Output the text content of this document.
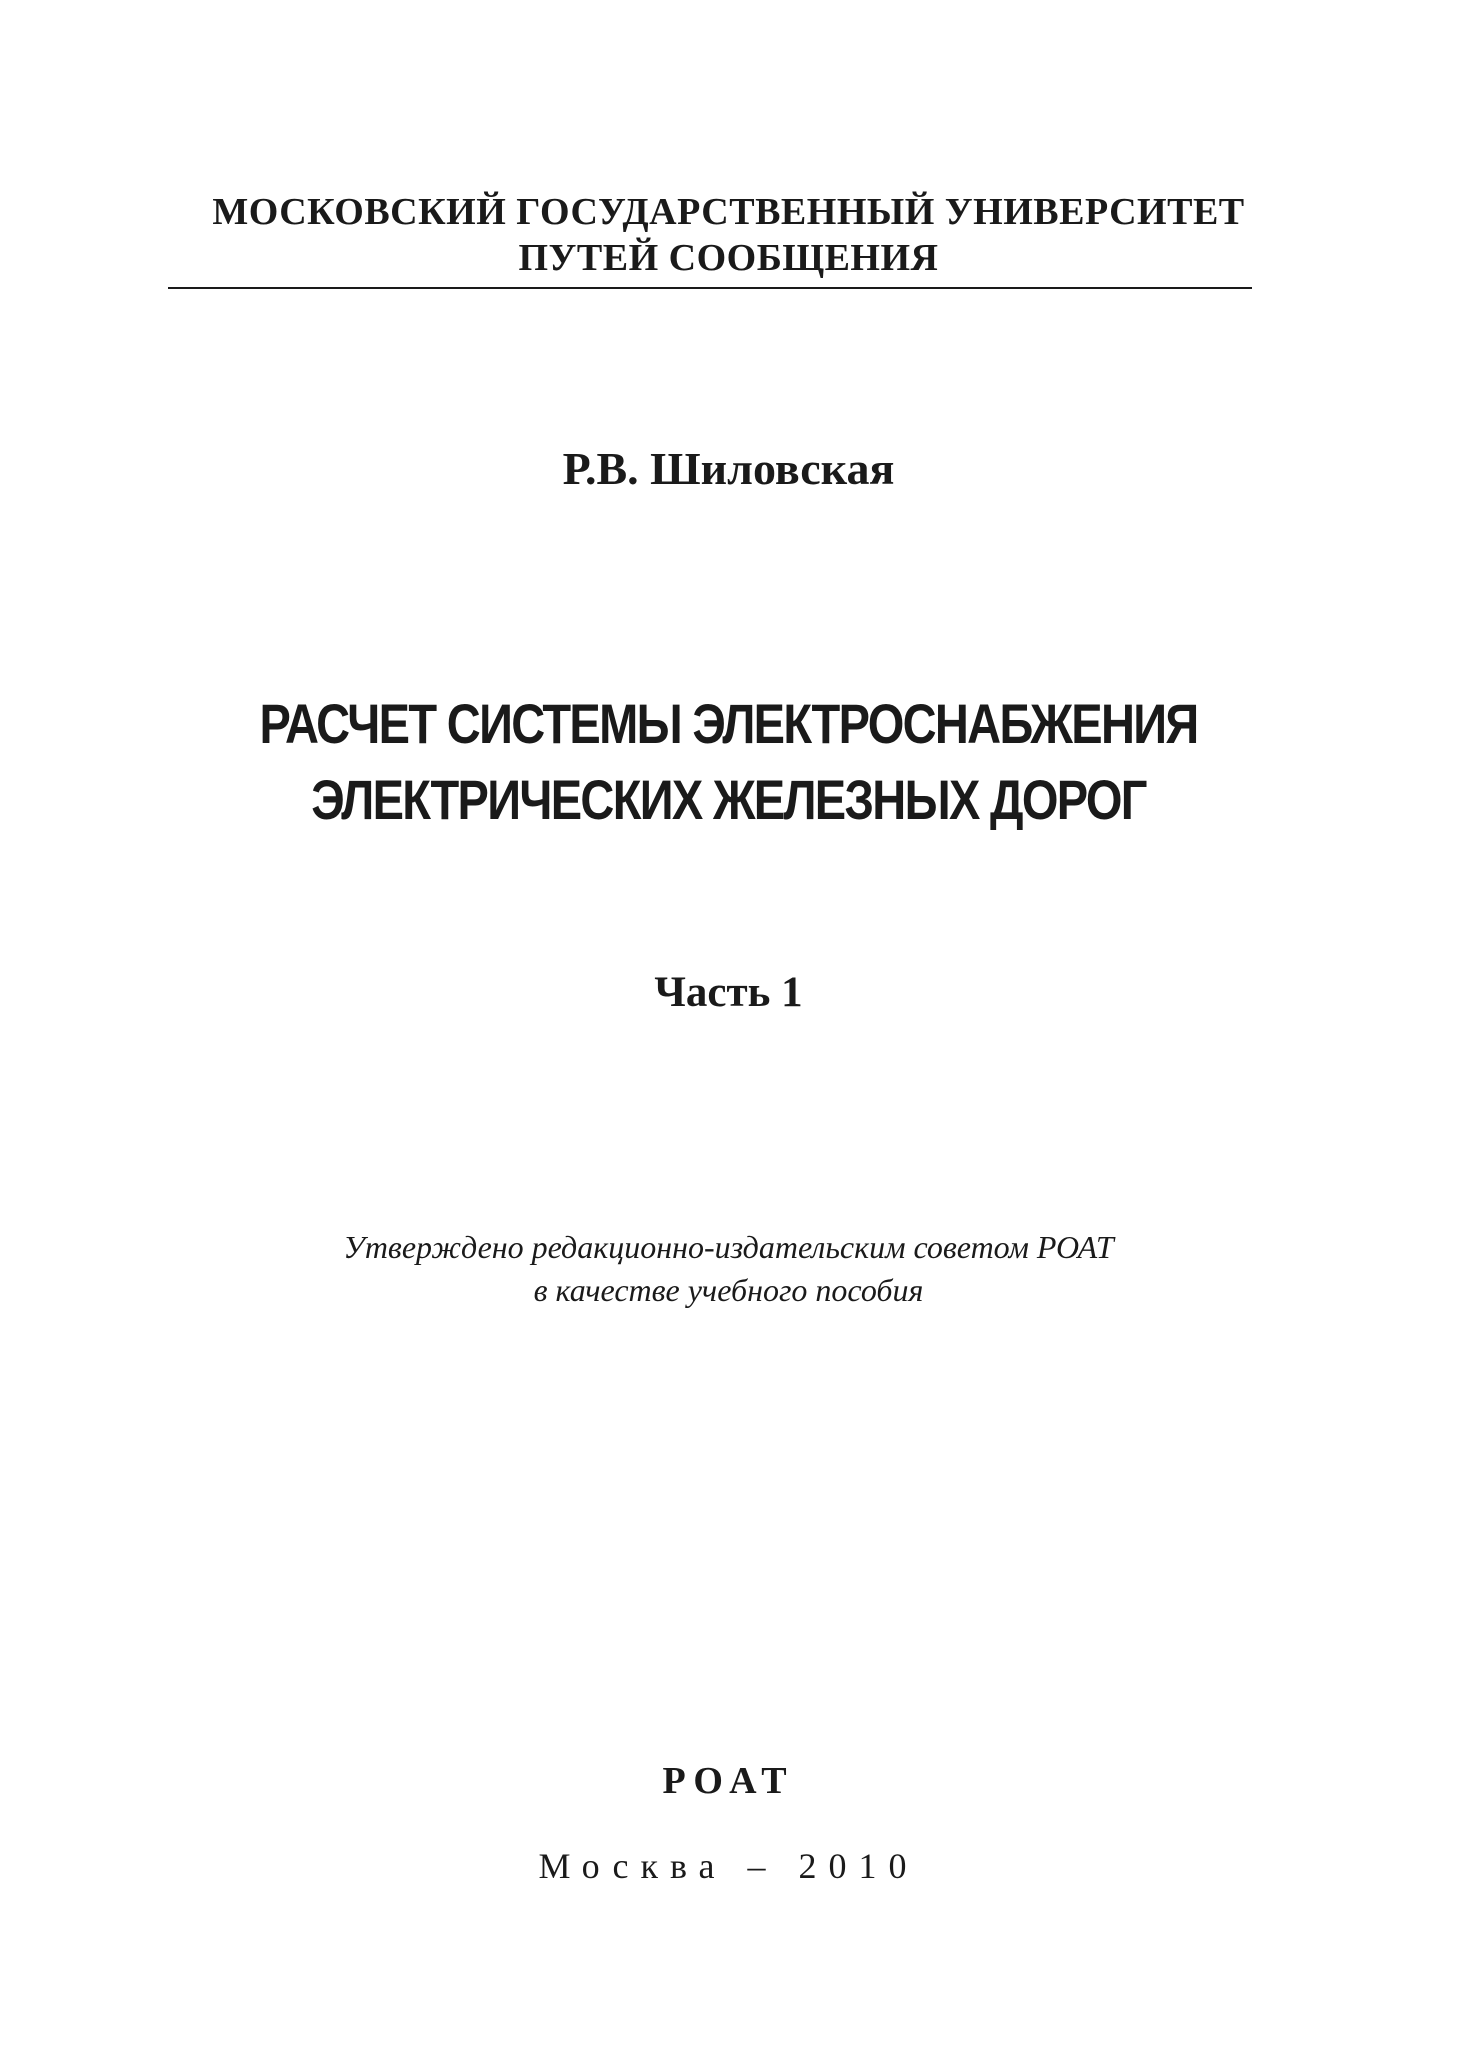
МОСКОВСКИЙ ГОСУДАРСТВЕННЫЙ УНИВЕРСИТЕТ
ПУТЕЙ СООБЩЕНИЯ
Р.В. Шиловская
РАСЧЕТ СИСТЕМЫ ЭЛЕКТРОСНАБЖЕНИЯ
ЭЛЕКТРИЧЕСКИХ ЖЕЛЕЗНЫХ ДОРОГ
Часть 1
Утверждено редакционно-издательским советом РОАТ
в качестве учебного пособия
РОАТ
Москва – 2010
